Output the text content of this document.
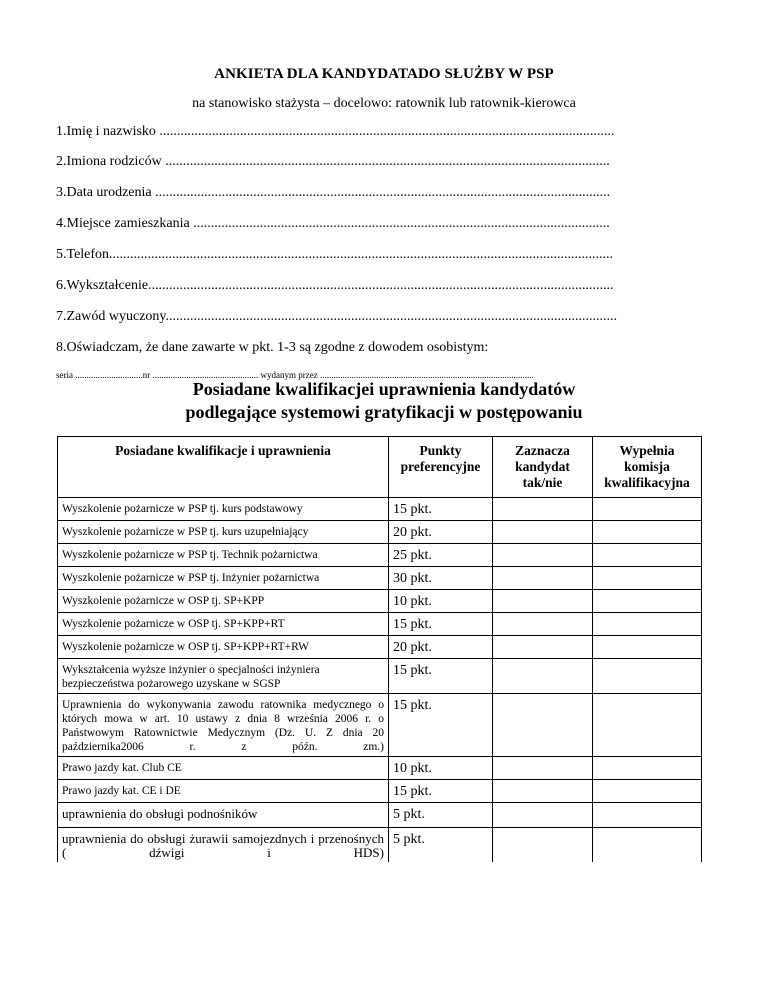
ANKIETA DLA KANDYDATADO SŁUŻBY W PSP
na stanowisko stażysta – docelowo: ratownik lub ratownik-kierowca
1.Imię i nazwisko ..................................................................................................................................
2.Imiona rodziców ...............................................................................................................................
3.Data urodzenia ..................................................................................................................................
4.Miejsce zamieszkania .......................................................................................................................
5.Telefon................................................................................................................................................
6.Wykształcenie.....................................................................................................................................
7.Zawód wyuczony.................................................................................................................................
8.Oświadczam, że dane zawarte w pkt. 1-3 są zgodne z dowodem osobistym:
seria ..............................nr ............................................... wydanym przez ...............................................................................................
Posiadane kwalifikacjei uprawnienia kandydatów
podlegające systemowi gratyfikacji w postępowaniu
Posiadane kwalifikacje i uprawnienia	Punkty preferencyjne	Zaznacza kandydat tak/nie	Wypełnia komisja kwalifikacyjna

Wyszkolenie pożarnicze w PSP tj. kurs podstawowy	15 pkt.		
Wyszkolenie pożarnicze w PSP tj. kurs uzupełniający	20 pkt.		
Wyszkolenie pożarnicze w PSP tj. Technik pożarnictwa	25 pkt.		
Wyszkolenie pożarnicze w PSP tj. Inżynier pożarnictwa	30 pkt.		
Wyszkolenie pożarnicze w OSP tj. SP+KPP	10 pkt.		
Wyszkolenie pożarnicze w OSP tj. SP+KPP+RT	15 pkt.		
Wyszkolenie pożarnicze w OSP tj. SP+KPP+RT+RW	20 pkt.		
Wykształcenia wyższe inżynier o specjalności inżyniera bezpieczeństwa pożarowego uzyskane w SGSP	15 pkt.		
Uprawnienia do wykonywania zawodu ratownika medycznego o których mowa w art. 10 ustawy z dnia 8 września 2006 r. o Państwowym Ratownictwie Medycznym (Dz. U. Z dnia 20 października2006 r. z późn. zm.)	15 pkt.		
Prawo jazdy kat. Club CE	10 pkt.		
Prawo jazdy kat. CE i DE	15 pkt.		
uprawnienia do obsługi podnośników	5 pkt.		
uprawnienia do obsługi żurawii samojezdnych i przenośnych ( dźwigi i HDS)	5 pkt.		
